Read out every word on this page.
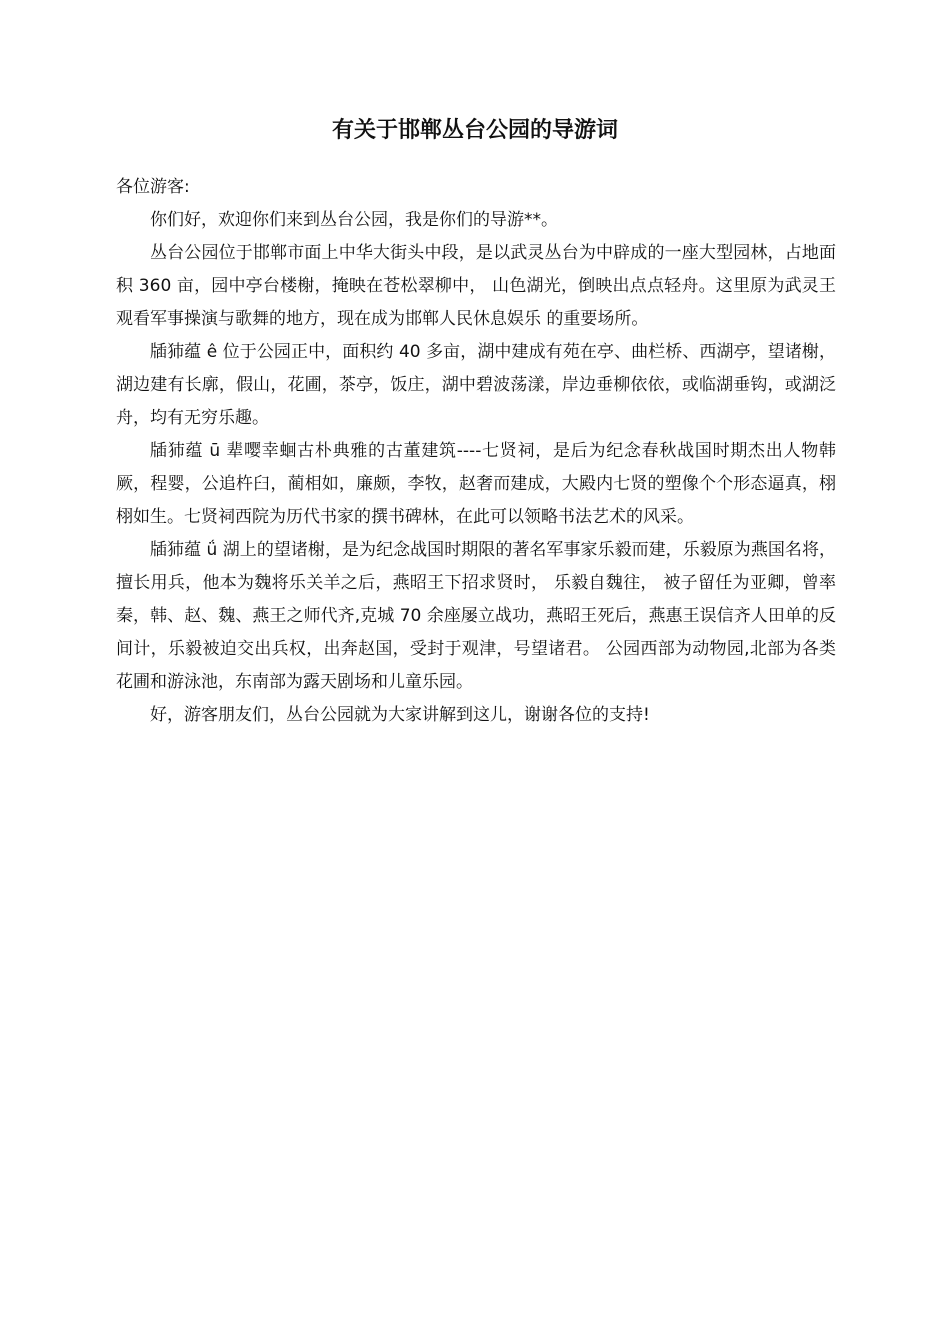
有关于邯郸丛台公园的导游词

各位游客:

你们好，欢迎你们来到丛台公园，我是你们的导游**。

丛台公园位于邯郸市面上中华大街头中段，是以武灵丛台为中辟成的一座大型园林，占地面积 360 亩，园中亭台楼榭，掩映在苍松翠柳中， 山色湖光，倒映出点点轻舟。这里原为武灵王观看军事操演与歌舞的地方，现在成为邯郸人民休息娱乐 的重要场所。

牐犻蕴 ê 位于公园正中，面积约 40 多亩，湖中建成有苑在亭、曲栏桥、西湖亭，望诸榭，湖边建有长廓，假山，花圃，茶亭，饭庄，湖中碧波荡漾，岸边垂柳依依，或临湖垂钩，或湖泛舟，均有无穷乐趣。

牐犻蕴 ū 辈嘤幸蛔古朴典雅的古董建筑----七贤祠，是后为纪念春秋战国时期杰出人物韩厥，程婴，公追杵臼，蔺相如，廉颇，李牧，赵奢而建成，大殿内七贤的塑像个个形态逼真，栩栩如生。七贤祠西院为历代书家的撰书碑林，在此可以领略书法艺术的风采。

牐犻蕴 ǘ 湖上的望诸榭，是为纪念战国时期限的著名军事家乐毅而建，乐毅原为燕国名将，擅长用兵，他本为魏将乐关羊之后，燕昭王下招求贤时， 乐毅自魏往， 被子留任为亚卿，曾率秦，韩、赵、魏、燕王之师代齐,克城 70 余座屡立战功，燕昭王死后，燕惠王误信齐人田单的反间计，乐毅被迫交出兵权，出奔赵国，受封于观津，号望诸君。 公园西部为动物园,北部为各类花圃和游泳池，东南部为露天剧场和儿童乐园。

好，游客朋友们，丛台公园就为大家讲解到这儿，谢谢各位的支持!
